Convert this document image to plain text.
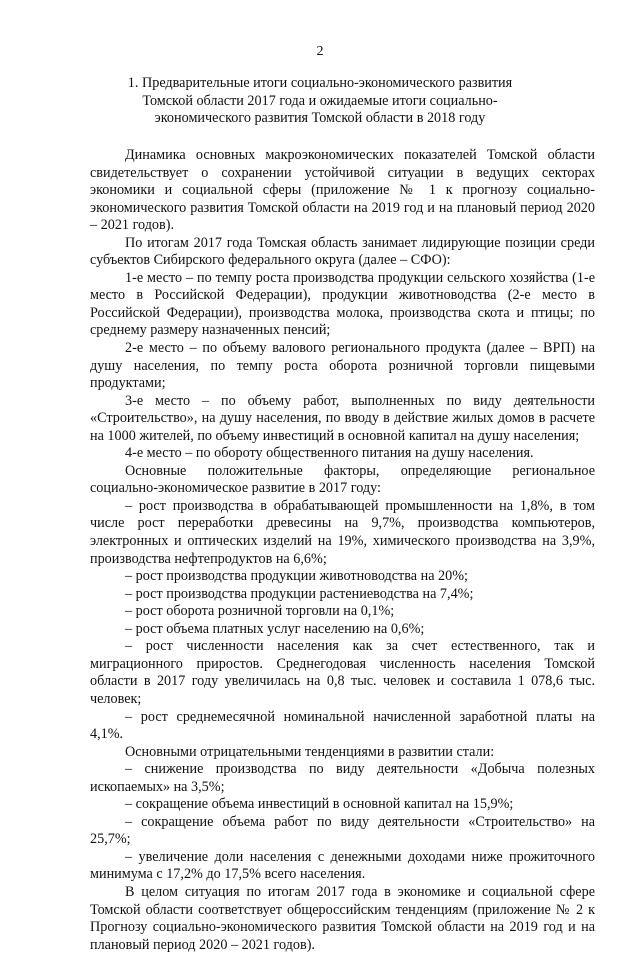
2
1. Предварительные итоги социально-экономического развития
Томской области 2017 года и ожидаемые итоги социально-
экономического развития Томской области в 2018 году

Динамика основных макроэкономических показателей Томской области свидетельствует о сохранении устойчивой ситуации в ведущих секторах экономики и социальной сферы (приложение № 1 к прогнозу социально-экономического развития Томской области на 2019 год и на плановый период 2020 – 2021 годов).

По итогам 2017 года Томская область занимает лидирующие позиции среди субъектов Сибирского федерального округа (далее – СФО):

1-е место – по темпу роста производства продукции сельского хозяйства (1-е место в Российской Федерации), продукции животноводства (2-е место в Российской Федерации), производства молока, производства скота и птицы; по среднему размеру назначенных пенсий;

2-е место – по объему валового регионального продукта (далее – ВРП) на душу населения, по темпу роста оборота розничной торговли пищевыми продуктами;

3-е место – по объему работ, выполненных по виду деятельности «Строительство», на душу населения, по вводу в действие жилых домов в расчете на 1000 жителей, по объему инвестиций в основной капитал на душу населения;

4-е место – по обороту общественного питания на душу населения.

Основные положительные факторы, определяющие региональное социально-экономическое развитие в 2017 году:

– рост производства в обрабатывающей промышленности на 1,8%, в том числе рост переработки древесины на 9,7%, производства компьютеров, электронных и оптических изделий на 19%, химического производства на 3,9%, производства нефтепродуктов на 6,6%;

– рост производства продукции животноводства на 20%;

– рост производства продукции растениеводства на 7,4%;

– рост оборота розничной торговли на 0,1%;

– рост объема платных услуг населению на 0,6%;

– рост численности населения как за счет естественного, так и миграционного приростов. Среднегодовая численность населения Томской области в 2017 году увеличилась на 0,8 тыс. человек и составила 1 078,6 тыс. человек;

– рост среднемесячной номинальной начисленной заработной платы на 4,1%.

Основными отрицательными тенденциями в развитии стали:

– снижение производства по виду деятельности «Добыча полезных ископаемых» на 3,5%;

– сокращение объема инвестиций в основной капитал на 15,9%;

– сокращение объема работ по виду деятельности «Строительство» на 25,7%;

– увеличение доли населения с денежными доходами ниже прожиточного минимума с 17,2% до 17,5% всего населения.

В целом ситуация по итогам 2017 года в экономике и социальной сфере Томской области соответствует общероссийским тенденциям (приложение № 2 к Прогнозу социально-экономического развития Томской области на 2019 год и на плановый период 2020 – 2021 годов).
